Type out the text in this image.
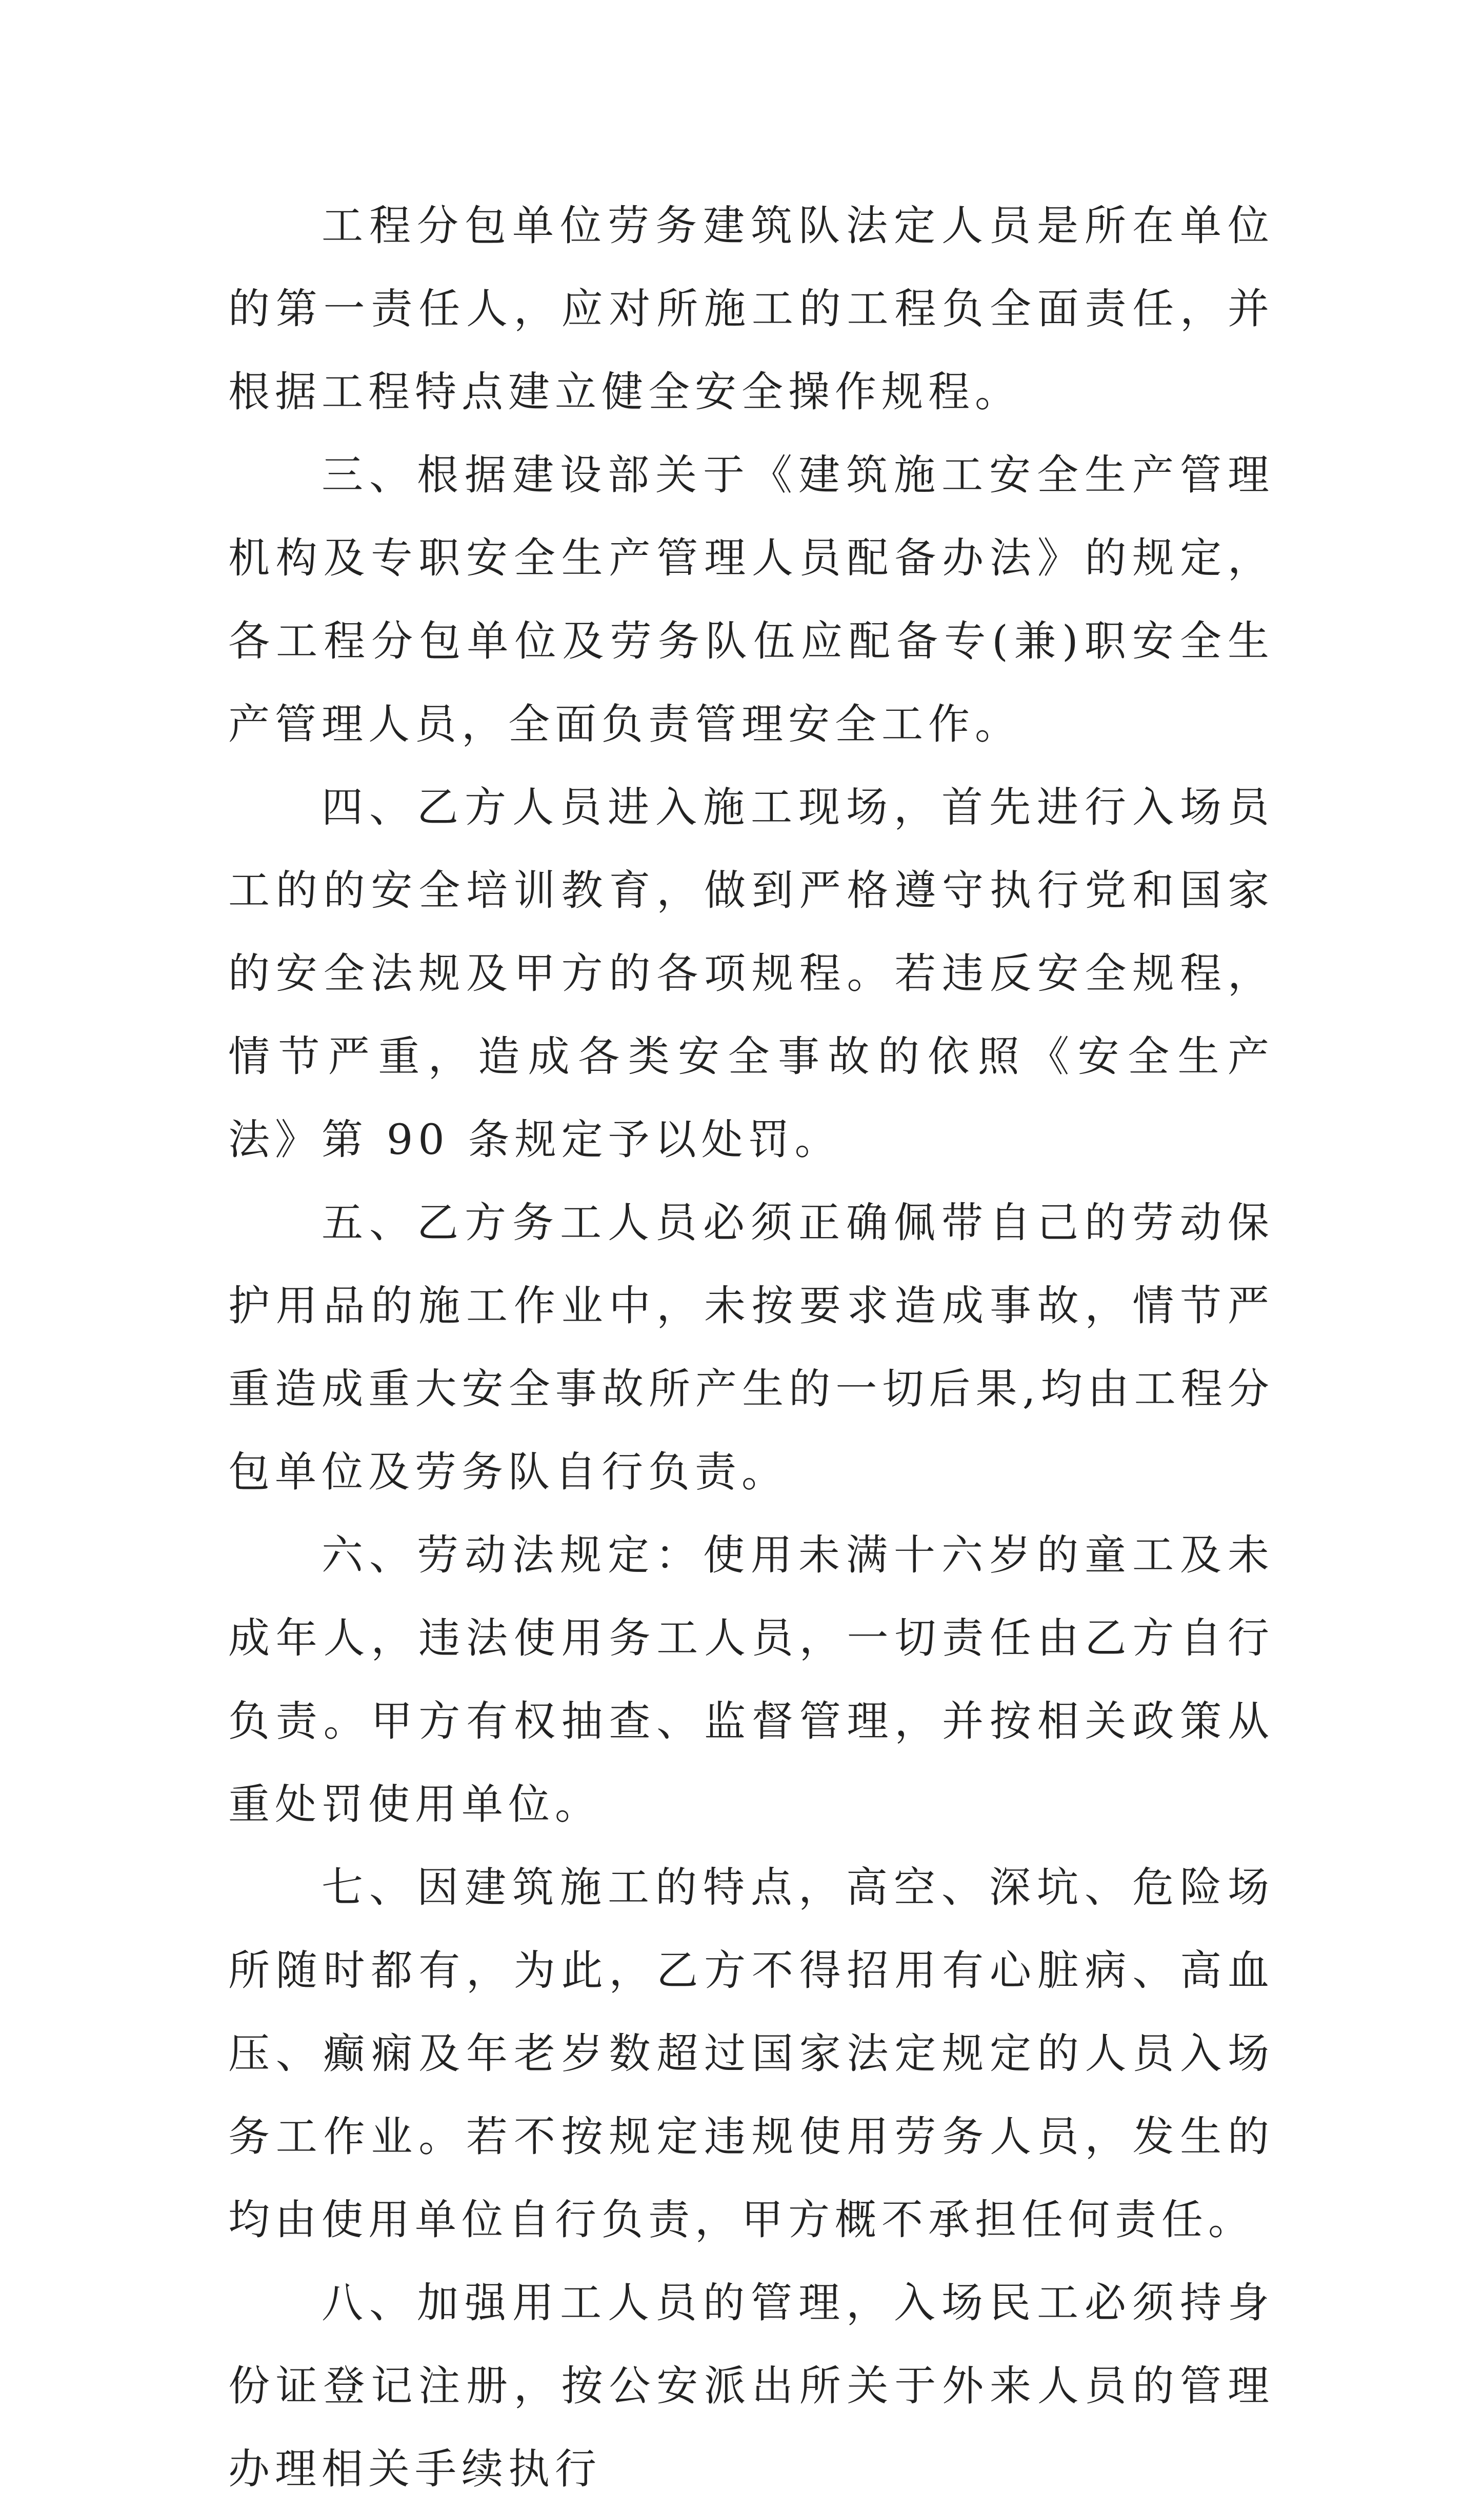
工程分包单位劳务建筑队法定人员是所在单位的第一责任人，应对所施工的工程负全面责任，并根据工程特点建立健全安全操作规程。

三、根据建设部关于《建筑施工安全生产管理机构及专职安全生产管理人员配备办法》的规定，各工程分包单位及劳务队伍应配备专(兼)职安全生产管理人员，全面负责管理安全工作。

四、乙方人员进入施工现场，首先进行入场员工的的安全培训教育，做到严格遵守执行党和国家的安全法规及甲方的各项规程。若违反安全规程，情节严重，造成各类安全事故的依照《安全生产法》第 90 条规定予以处罚。

五、乙方务工人员必须正确佩带自己的劳动保护用品的施工作业中，未按要求造成事故，情节严重造成重大安全事故所产生的一切后果,均由工程分包单位及劳务队自行负责。

六、劳动法规定：使用未满十六岁的童工及未成年人，违法使用务工人员，一切责任由乙方自行负责。甲方有权抽查、监督管理，并按相关政策从重处罚使用单位。

七、因建筑施工的特点，高空、深坑、危险场所随时都有，为此，乙方不得招用有心脏病、高血压、癫痫及年老岁数超过国家法定规定的人员入场务工作业。若不按规定违规使用劳务人员，发生的均由使用单位自行负责，甲方概不承担任何责任。

八、加强用工人员的管理，入场民工必须持身份证登记注册，按公安派出所关于外来人员的管理办理相关手续执行
